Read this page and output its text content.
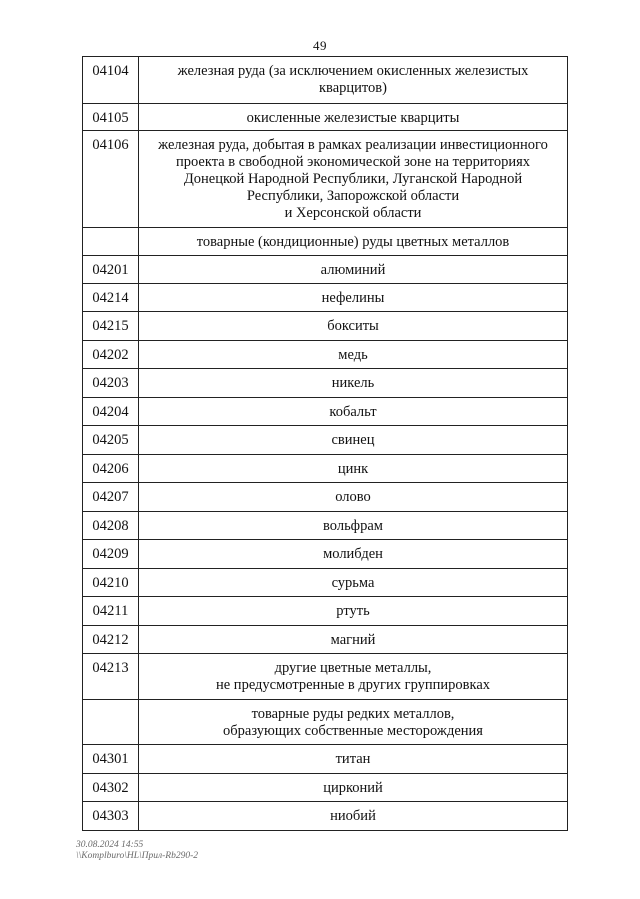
49
04104	железная руда (за исключением окисленных железистых
кварцитов)
04105	окисленные железистые кварциты
04106	железная руда, добытая в рамках реализации инвестиционного
проекта в свободной экономической зоне на территориях
Донецкой Народной Республики, Луганской Народной
Республики, Запорожской области
и Херсонской области
	товарные (кондиционные) руды цветных металлов
04201	алюминий
04214	нефелины
04215	бокситы
04202	медь
04203	никель
04204	кобальт
04205	свинец
04206	цинк
04207	олово
04208	вольфрам
04209	молибден
04210	сурьма
04211	ртуть
04212	магний
04213	другие цветные металлы,
не предусмотренные в других группировках
	товарные руды редких металлов,
образующих собственные месторождения
04301	титан
04302	цирконий
04303	ниобий
30.08.2024 14:55
\\Komplburo\HL\Прил-Rb290-2
